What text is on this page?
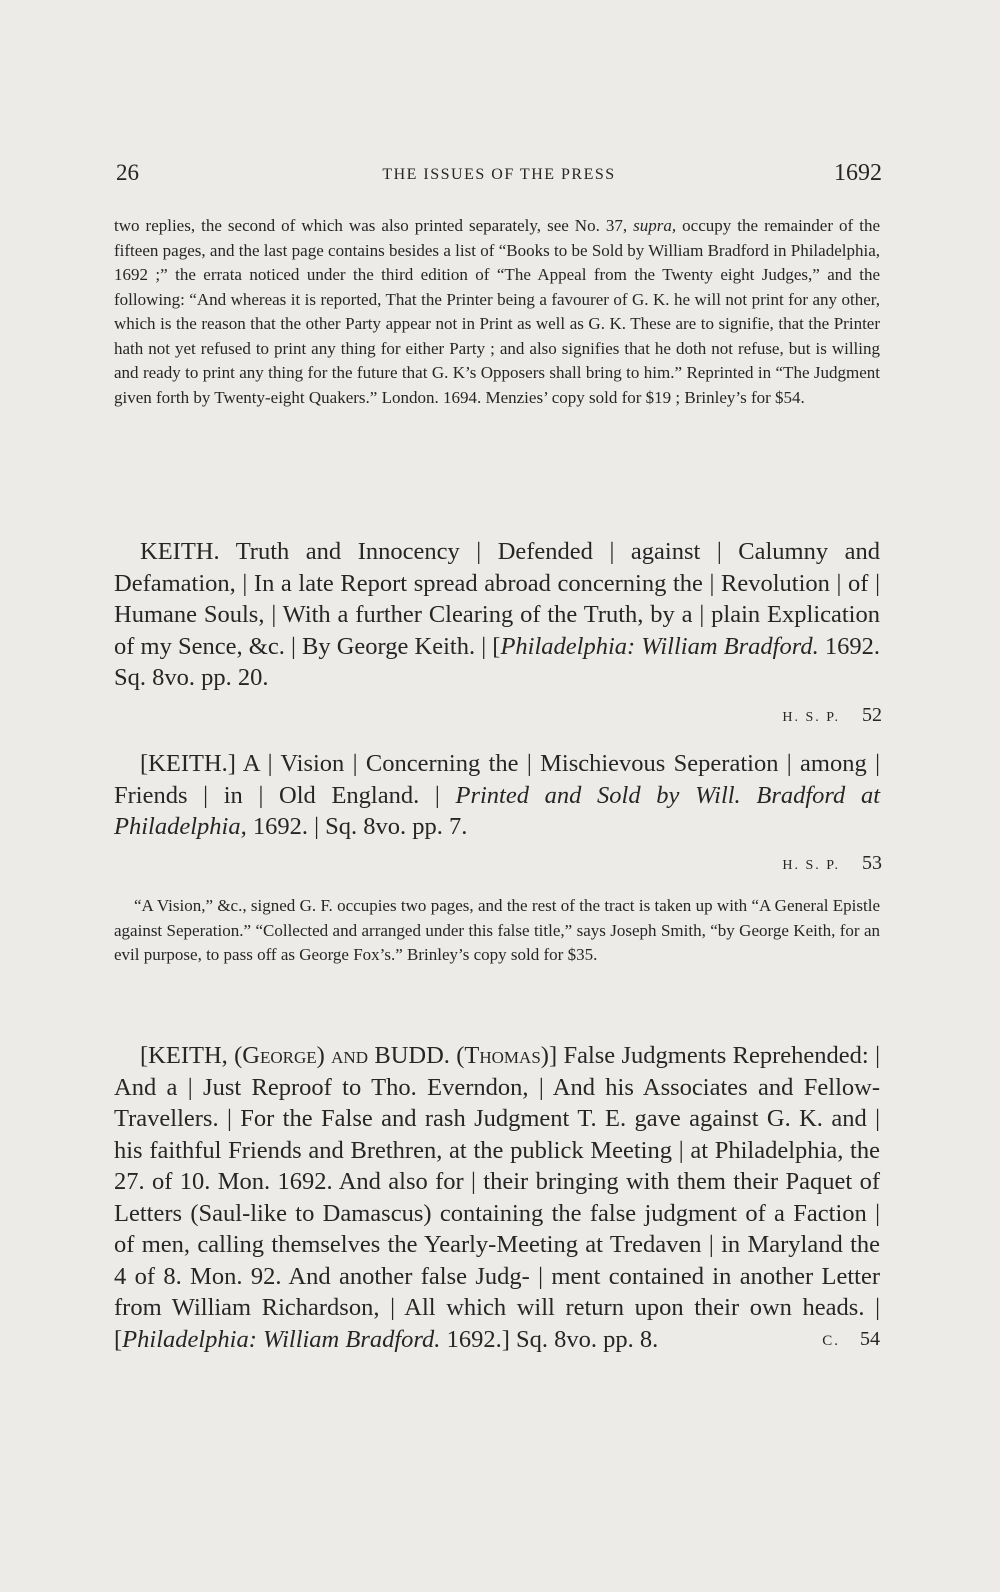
26	THE ISSUES OF THE PRESS	1692

two replies, the second of which was also printed separately, see No. 37, supra, occupy the remainder of the fifteen pages, and the last page contains besides a list of “Books to be Sold by William Bradford in Philadelphia, 1692 ;” the errata noticed under the third edition of “The Appeal from the Twenty eight Judges,” and the following: “And whereas it is reported, That the Printer being a favourer of G. K. he will not print for any other, which is the reason that the other Party appear not in Print as well as G. K. These are to signifie, that the Printer hath not yet refused to print any thing for either Party ; and also signifies that he doth not refuse, but is willing and ready to print any thing for the future that G. K’s Opposers shall bring to him.” Reprinted in “The Judgment given forth by Twenty-eight Quakers.” London. 1694. Menzies’ copy sold for $19 ; Brinley’s for $54.

KEITH. Truth and Innocency | Defended | against | Calumny and Defamation, | In a late Report spread abroad concerning the | Revolution | of | Humane Souls, | With a further Clearing of the Truth, by a | plain Explication of my Sence, &c. | By George Keith. | [Philadelphia: William Bradford. 1692. Sq. 8vo. pp. 20.

H. S. P. 52

[KEITH.] A | Vision | Concerning the | Mischievous Seperation | among | Friends | in | Old England. | Printed and Sold by Will. Bradford at Philadelphia, 1692. | Sq. 8vo. pp. 7.

H. S. P. 53

“A Vision,” &c., signed G. F. occupies two pages, and the rest of the tract is taken up with “A General Epistle against Seperation.” “Collected and arranged under this false title,” says Joseph Smith, “by George Keith, for an evil purpose, to pass off as George Fox’s.” Brinley’s copy sold for $35.

[KEITH, (George) and BUDD. (Thomas)] False Judgments Reprehended: | And a | Just Reproof to Tho. Everndon, | And his Associates and Fellow-Travellers. | For the False and rash Judgment T. E. gave against G. K. and | his faithful Friends and Brethren, at the publick Meeting | at Philadelphia, the 27. of 10. Mon. 1692. And also for | their bringing with them their Paquet of Letters (Saul-like to Damascus) containing the false judgment of a Faction | of men, calling themselves the Yearly-Meeting at Tredaven | in Maryland the 4 of 8. Mon. 92. And another false Judg- | ment contained in another Letter from William Richardson, | All which will return upon their own heads. | [Philadelphia: William Bradford. 1692.] Sq. 8vo. pp. 8.	C. 54
